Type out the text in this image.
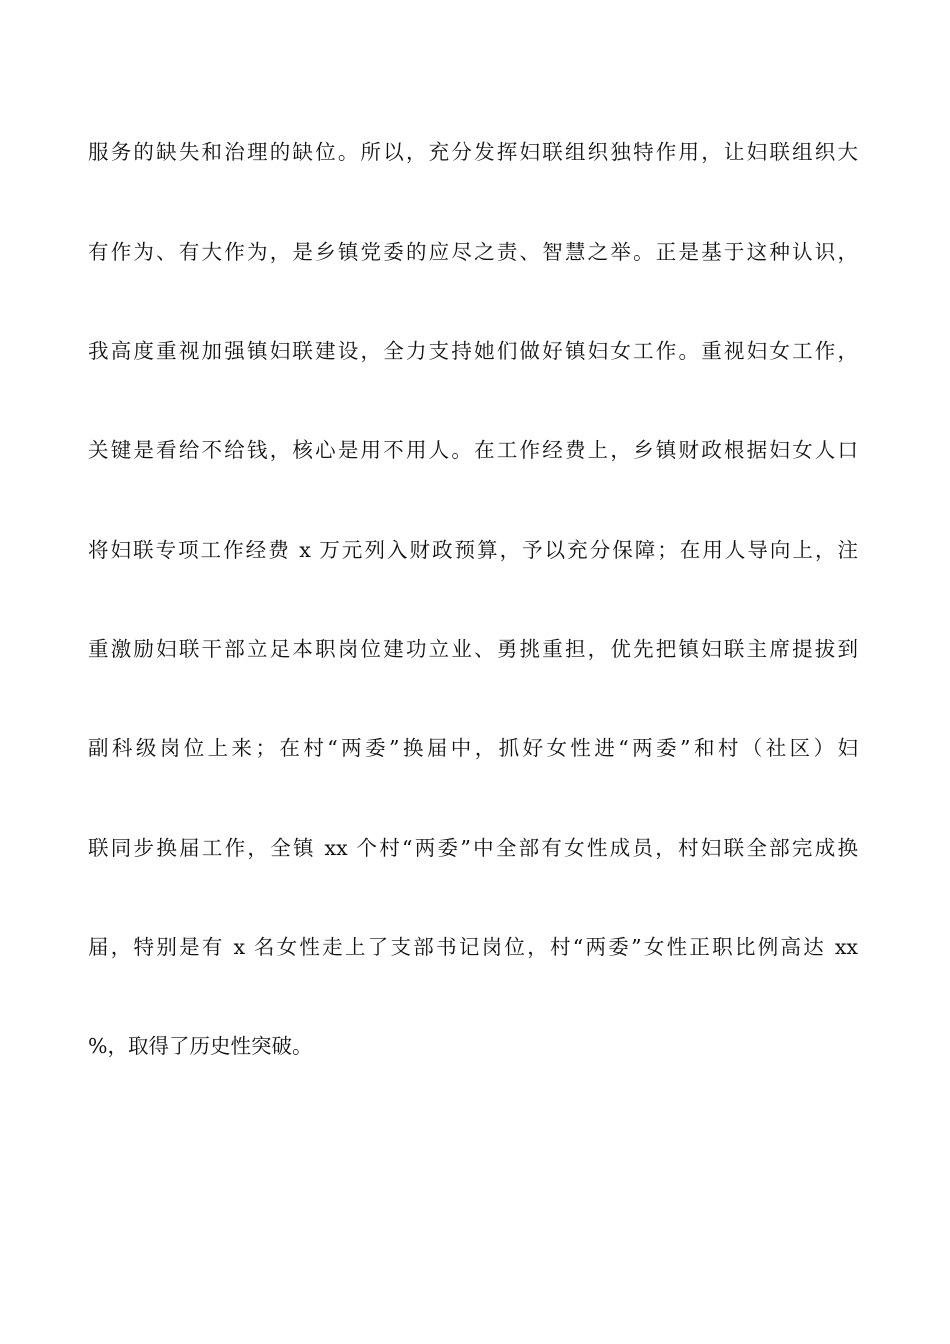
服务的缺失和治理的缺位。所以，充分发挥妇联组织独特作用，让妇联组织大
有作为、有大作为，是乡镇党委的应尽之责、智慧之举。正是基于这种认识，
我高度重视加强镇妇联建设，全力支持她们做好镇妇女工作。重视妇女工作，
关键是看给不给钱，核心是用不用人。在工作经费上，乡镇财政根据妇女人口
将妇联专项工作经费 x 万元列入财政预算，予以充分保障；在用人导向上，注
重激励妇联干部立足本职岗位建功立业、勇挑重担，优先把镇妇联主席提拔到
副科级岗位上来；在村“两委”换届中，抓好女性进“两委”和村（社区）妇
联同步换届工作，全镇 xx 个村“两委”中全部有女性成员，村妇联全部完成换
届，特别是有 x 名女性走上了支部书记岗位，村“两委”女性正职比例高达 xx
%，取得了历史性突破。
